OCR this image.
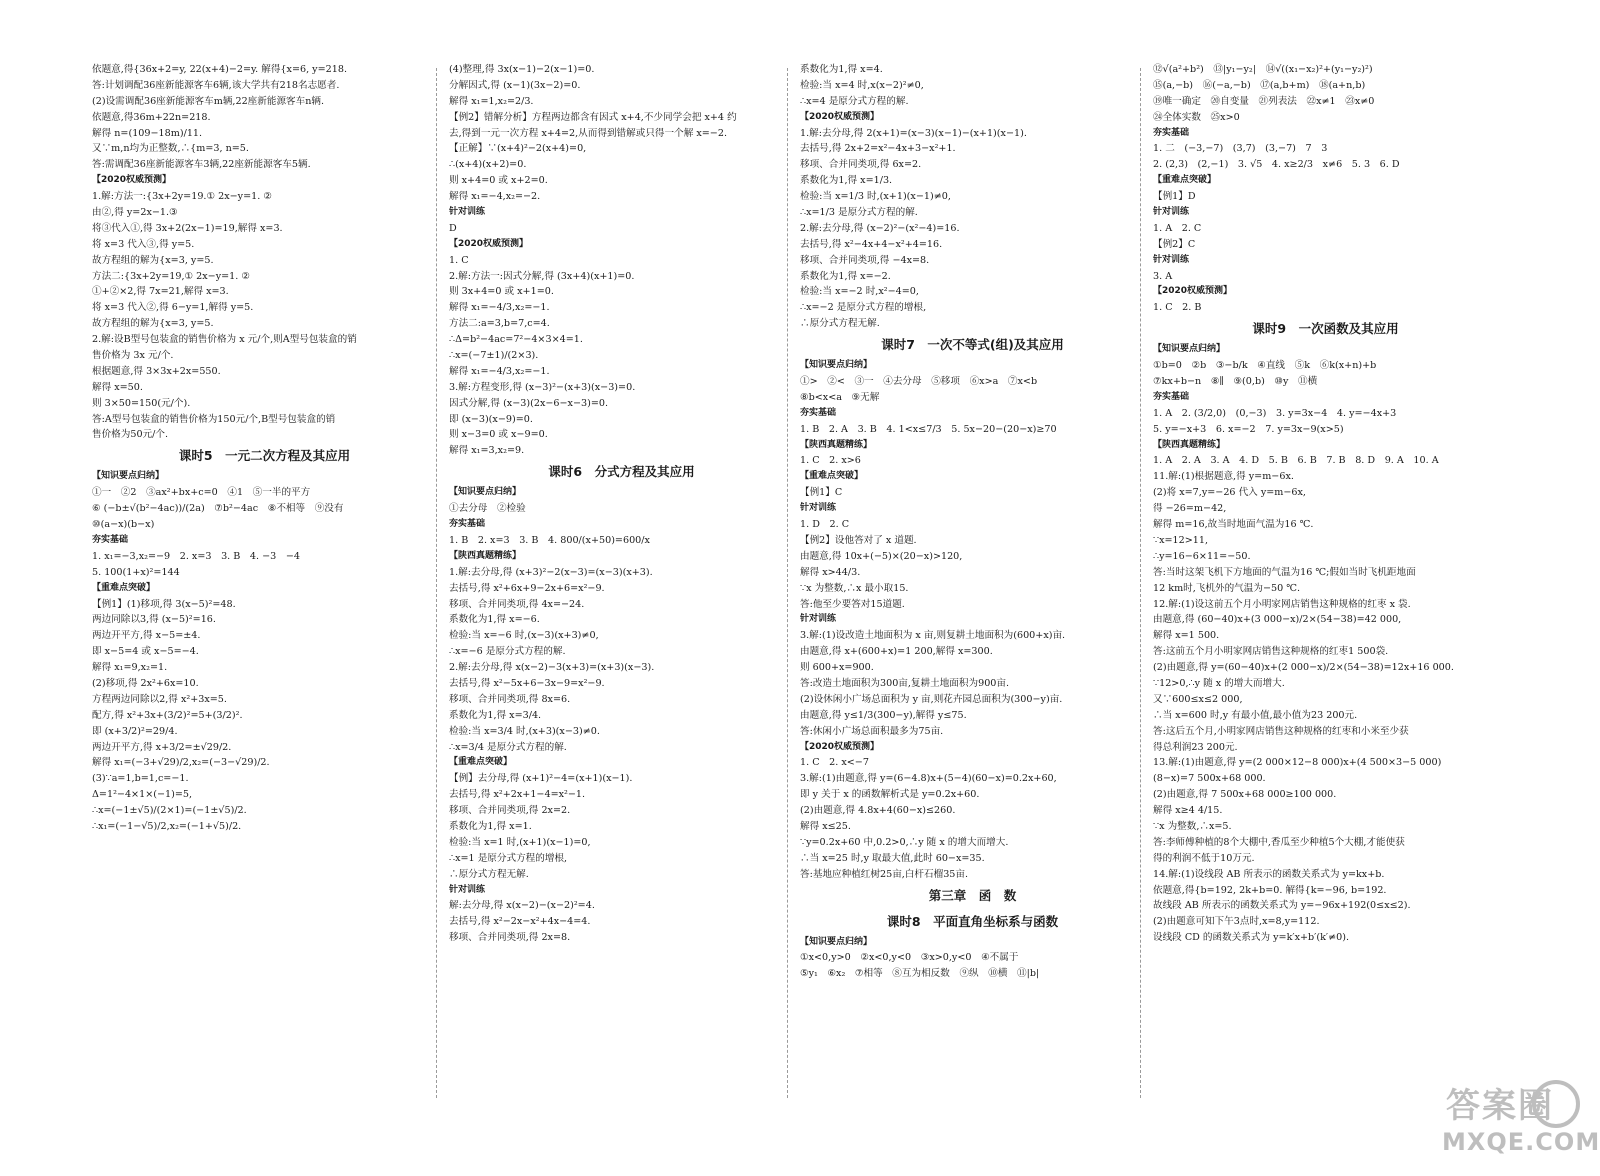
依题意,得{36x+2=y, 22(x+4)−2=y. 解得{x=6, y=218.
答:计划调配36座新能源客车6辆,该大学共有218名志愿者.
(2)设需调配36座新能源客车m辆,22座新能源客车n辆.
依题意,得36m+22n=218.
解得 n=(109−18m)/11.
又∵m,n均为正整数,∴{m=3, n=5.
答:需调配36座新能源客车3辆,22座新能源客车5辆.
【2020权威预测】
1.解:方法一:{3x+2y=19.① 2x−y=1. ②
由②,得 y=2x−1.③
将③代入①,得 3x+2(2x−1)=19,解得 x=3.
将 x=3 代入③,得 y=5.
故方程组的解为{x=3, y=5.
方法二:{3x+2y=19,① 2x−y=1. ②
①+②×2,得 7x=21,解得 x=3.
将 x=3 代入②,得 6−y=1,解得 y=5.
故方程组的解为{x=3, y=5.
2.解:设B型号包装盒的销售价格为 x 元/个,则A型号包装盒的销
售价格为 3x 元/个.
根据题意,得 3×3x+2x=550.
解得 x=50.
则 3×50=150(元/个).
答:A型号包装盒的销售价格为150元/个,B型号包装盒的销
售价格为50元/个.
课时5　一元二次方程及其应用
【知识要点归纳】
①一　②2　③ax²+bx+c=0　④1　⑤一半的平方
⑥ (−b±√(b²−4ac))/(2a)　⑦b²−4ac　⑧不相等　⑨没有
⑩(a−x)(b−x)
夯实基础
1. x₁=−3,x₂=−9　2. x=3　3. B　4. −3　−4
5. 100(1+x)²=144
【重难点突破】
【例1】(1)移项,得 3(x−5)²=48.
两边同除以3,得 (x−5)²=16.
两边开平方,得 x−5=±4.
即 x−5=4 或 x−5=−4.
解得 x₁=9,x₂=1.
(2)移项,得 2x²+6x=10.
方程两边同除以2,得 x²+3x=5.
配方,得 x²+3x+(3/2)²=5+(3/2)².
即 (x+3/2)²=29/4.
两边开平方,得 x+3/2=±√29/2.
解得 x₁=(−3+√29)/2,x₂=(−3−√29)/2.
(3)∵a=1,b=1,c=−1.
Δ=1²−4×1×(−1)=5,
∴x=(−1±√5)/(2×1)=(−1±√5)/2.
∴x₁=(−1−√5)/2,x₂=(−1+√5)/2.
(4)整理,得 3x(x−1)−2(x−1)=0.
分解因式,得 (x−1)(3x−2)=0.
解得 x₁=1,x₂=2/3.
【例2】错解分析】方程两边都含有因式 x+4,不少同学会把 x+4 约
去,得到一元一次方程 x+4=2,从而得到错解或只得一个解 x=−2.
【正解】∵(x+4)²−2(x+4)=0,
∴(x+4)(x+2)=0.
则 x+4=0 或 x+2=0.
解得 x₁=−4,x₂=−2.
针对训练
D
【2020权威预测】
1. C
2.解:方法一:因式分解,得 (3x+4)(x+1)=0.
则 3x+4=0 或 x+1=0.
解得 x₁=−4/3,x₂=−1.
方法二:a=3,b=7,c=4.
∴Δ=b²−4ac=7²−4×3×4=1.
∴x=(−7±1)/(2×3).
解得 x₁=−4/3,x₂=−1.
3.解:方程变形,得 (x−3)²−(x+3)(x−3)=0.
因式分解,得 (x−3)(2x−6−x−3)=0.
即 (x−3)(x−9)=0.
则 x−3=0 或 x−9=0.
解得 x₁=3,x₂=9.
课时6　分式方程及其应用
【知识要点归纳】
①去分母　②检验
夯实基础
1. B　2. x=3　3. B　4. 800/(x+50)=600/x
【陕西真题精练】
1.解:去分母,得 (x+3)²−2(x−3)=(x−3)(x+3).
去括号,得 x²+6x+9−2x+6=x²−9.
移项、合并同类项,得 4x=−24.
系数化为1,得 x=−6.
检验:当 x=−6 时,(x−3)(x+3)≠0,
∴x=−6 是原分式方程的解.
2.解:去分母,得 x(x−2)−3(x+3)=(x+3)(x−3).
去括号,得 x²−5x+6−3x−9=x²−9.
移项、合并同类项,得 8x=6.
系数化为1,得 x=3/4.
检验:当 x=3/4 时,(x+3)(x−3)≠0.
∴x=3/4 是原分式方程的解.
【重难点突破】
【例】去分母,得 (x+1)²−4=(x+1)(x−1).
去括号,得 x²+2x+1−4=x²−1.
移项、合并同类项,得 2x=2.
系数化为1,得 x=1.
检验:当 x=1 时,(x+1)(x−1)=0,
∴x=1 是原分式方程的增根,
∴原分式方程无解.
针对训练
解:去分母,得 x(x−2)−(x−2)²=4.
去括号,得 x²−2x−x²+4x−4=4.
移项、合并同类项,得 2x=8.
系数化为1,得 x=4.
检验:当 x=4 时,x(x−2)²≠0,
∴x=4 是原分式方程的解.
【2020权威预测】
1.解:去分母,得 2(x+1)=(x−3)(x−1)−(x+1)(x−1).
去括号,得 2x+2=x²−4x+3−x²+1.
移项、合并同类项,得 6x=2.
系数化为1,得 x=1/3.
检验:当 x=1/3 时,(x+1)(x−1)≠0,
∴x=1/3 是原分式方程的解.
2.解:去分母,得 (x−2)²−(x²−4)=16.
去括号,得 x²−4x+4−x²+4=16.
移项、合并同类项,得 −4x=8.
系数化为1,得 x=−2.
检验:当 x=−2 时,x²−4=0,
∴x=−2 是原分式方程的增根,
∴原分式方程无解.
课时7　一次不等式(组)及其应用
【知识要点归纳】
①>　②<　③一　④去分母　⑤移项　⑥x>a　⑦x<b
⑧b<x<a　⑨无解
夯实基础
1. B　2. A　3. B　4. 1<x≤7/3　5. 5x−20−(20−x)≥70
【陕西真题精练】
1. C　2. x>6
【重难点突破】
【例1】C
针对训练
1. D　2. C
【例2】设他答对了 x 道题.
由题意,得 10x+(−5)×(20−x)>120,
解得 x>44/3.
∵x 为整数,∴x 最小取15.
答:他至少要答对15道题.
针对训练
3.解:(1)设改造土地面积为 x 亩,则复耕土地面积为(600+x)亩.
由题意,得 x+(600+x)=1 200,解得 x=300.
则 600+x=900.
答:改造土地面积为300亩,复耕土地面积为900亩.
(2)设休闲小广场总面积为 y 亩,则花卉园总面积为(300−y)亩.
由题意,得 y≤1/3(300−y),解得 y≤75.
答:休闲小广场总面积最多为75亩.
【2020权威预测】
1. C　2. x<−7
3.解:(1)由题意,得 y=(6−4.8)x+(5−4)(60−x)=0.2x+60,
即 y 关于 x 的函数解析式是 y=0.2x+60.
(2)由题意,得 4.8x+4(60−x)≤260.
解得 x≤25.
∵y=0.2x+60 中,0.2>0,∴y 随 x 的增大而增大.
∴当 x=25 时,y 取最大值,此时 60−x=35.
答:基地应种植红树25亩,白杆石榴35亩.
第三章　函　数
课时8　平面直角坐标系与函数
【知识要点归纳】
①x<0,y>0　②x<0,y<0　③x>0,y<0　④不属于
⑤y₁　⑥x₂　⑦相等　⑧互为相反数　⑨纵　⑩横　⑪|b|
⑫√(a²+b²)　⑬|y₁−y₂|　⑭√((x₁−x₂)²+(y₁−y₂)²)
⑮(a,−b)　⑯(−a,−b)　⑰(a,b+m)　⑱(a+n,b)
⑲唯一确定　⑳自变量　㉑列表法　㉒x≠1　㉓x≠0
㉔全体实数　㉕x>0
夯实基础
1. 二　(−3,−7)　(3,7)　(3,−7)　7　3
2. (2,3)　(2,−1)　3. √5　4. x≥2/3　x≠6　5. 3　6. D
【重难点突破】
【例1】D
针对训练
1. A　2. C
【例2】C
针对训练
3. A
【2020权威预测】
1. C　2. B
课时9　一次函数及其应用
【知识要点归纳】
①b=0　②b　③−b/k　④直线　⑤k　⑥k(x+n)+b
⑦kx+b−n　⑧∥　⑨(0,b)　⑩y　⑪横
夯实基础
1. A　2. (3/2,0)　(0,−3)　3. y=3x−4　4. y=−4x+3
5. y=−x+3　6. x=−2　7. y=3x−9(x>5)
【陕西真题精练】
1. A　2. A　3. A　4. D　5. B　6. B　7. B　8. D　9. A　10. A
11.解:(1)根据题意,得 y=m−6x.
(2)将 x=7,y=−26 代入 y=m−6x,
得 −26=m−42,
解得 m=16,故当时地面气温为16 ℃.
∵x=12>11,
∴y=16−6×11=−50.
答:当时这架飞机下方地面的气温为16 ℃;假如当时飞机距地面
12 km时,飞机外的气温为−50 ℃.
12.解:(1)设这前五个月小明家网店销售这种规格的红枣 x 袋.
由题意,得 (60−40)x+(3 000−x)/2×(54−38)=42 000,
解得 x=1 500.
答:这前五个月小明家网店销售这种规格的红枣1 500袋.
(2)由题意,得 y=(60−40)x+(2 000−x)/2×(54−38)=12x+16 000.
∵12>0,∴y 随 x 的增大而增大.
又∵600≤x≤2 000,
∴当 x=600 时,y 有最小值,最小值为23 200元.
答:这后五个月,小明家网店销售这种规格的红枣和小米至少获
得总利润23 200元.
13.解:(1)由题意,得 y=(2 000×12−8 000)x+(4 500×3−5 000)
(8−x)=7 500x+68 000.
(2)由题意,得 7 500x+68 000≥100 000.
解得 x≥4 4/15.
∵x 为整数,∴x=5.
答:李师傅种植的8个大棚中,香瓜至少种植5个大棚,才能使获
得的利润不低于10万元.
14.解:(1)设线段 AB 所表示的函数关系式为 y=kx+b.
依题意,得{b=192, 2k+b=0. 解得{k=−96, b=192.
故线段 AB 所表示的函数关系式为 y=−96x+192(0≤x≤2).
(2)由题意可知下午3点时,x=8,y=112.
设线段 CD 的函数关系式为 y=k′x+b′(k′≠0).
答案圈
MXQE.COM
